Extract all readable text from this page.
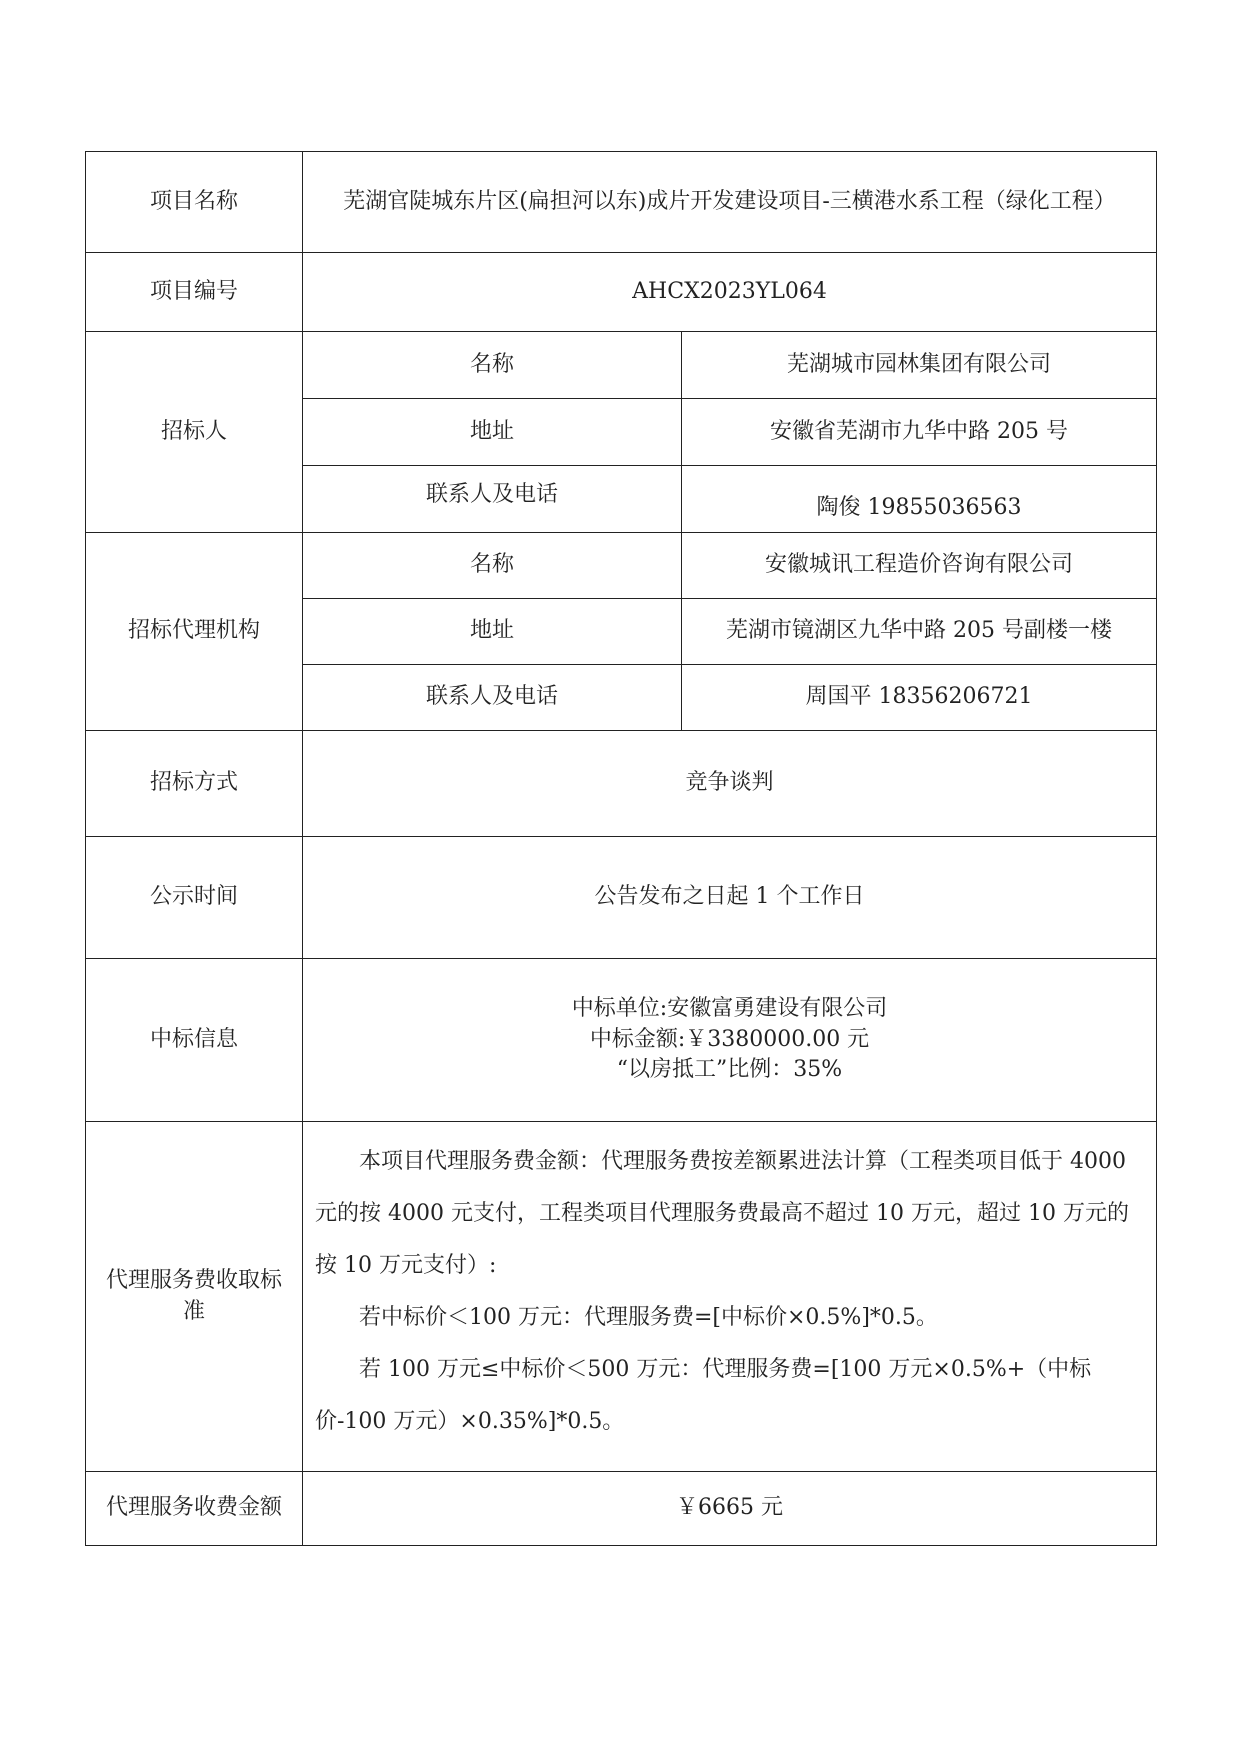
项目名称	芜湖官陡城东片区(扁担河以东)成片开发建设项目-三横港水系工程（绿化工程）	
项目编号	AHCX2023YL064	
招标人	名称	芜湖城市园林集团有限公司
	地址	安徽省芜湖市九华中路 205 号
	联系人及电话	陶俊 19855036563
招标代理机构	名称	安徽城讯工程造价咨询有限公司
	地址	芜湖市镜湖区九华中路 205 号副楼一楼
	联系人及电话	周国平 18356206721
招标方式	竞争谈判	
公示时间	公告发布之日起 1 个工作日	
中标信息	中标单位:安徽富勇建设有限公司
中标金额:￥3380000.00 元
“以房抵工”比例：35%	

代理服务费收取标准	本项目代理服务费金额：代理服务费按差额累进法计算（工程类项目低于 4000 元的按 4000 元支付，工程类项目代理服务费最高不超过 10 万元，超过 10 万元的按 10 万元支付）:

若中标价＜100 万元：代理服务费=[中标价×0.5%]*0.5。

若 100 万元≤中标价＜500 万元：代理服务费=[100 万元×0.5%+（中标价-100 万元）×0.35%]*0.5。	

代理服务收费金额	￥6665 元	
